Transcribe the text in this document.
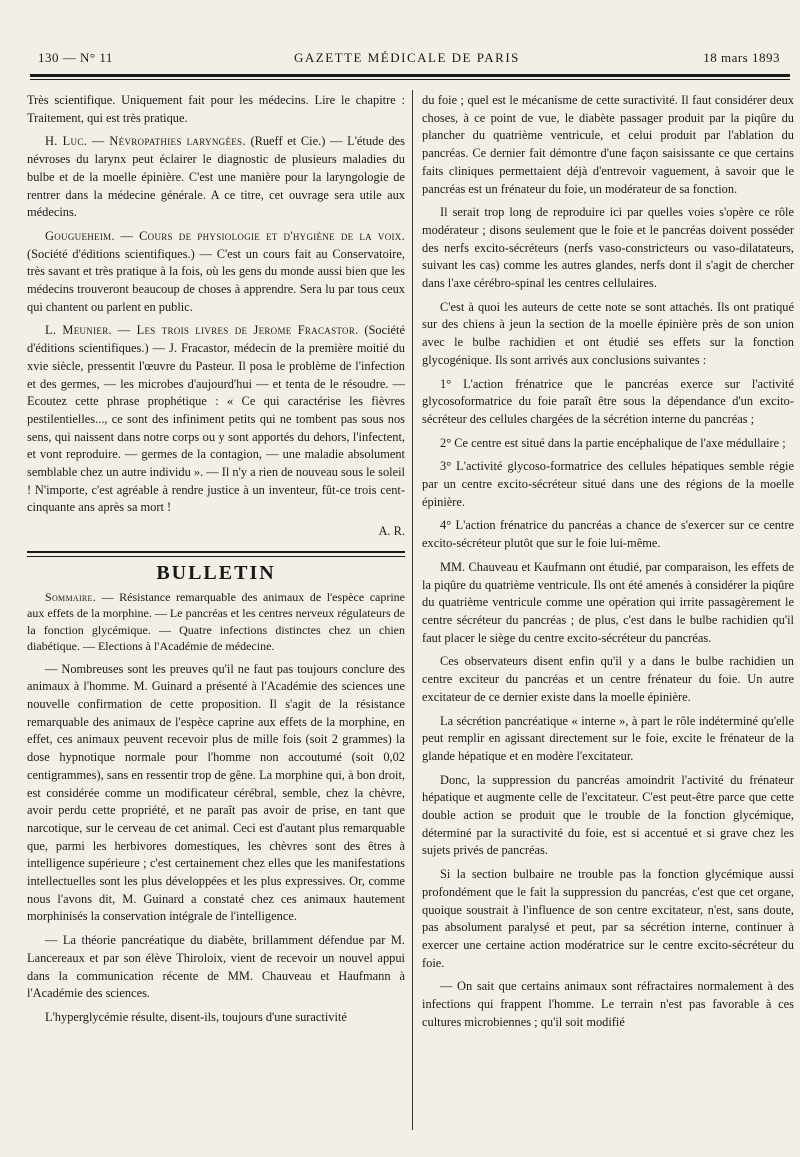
130 — N° 11	GAZETTE MÉDICALE DE PARIS	18 mars 1893

Très scientifique. Uniquement fait pour les médecins. Lire le chapitre : Traitement, qui est très pratique.

H. Luc. — Névropathies laryngées. (Rueff et Cie.) — L'étude des névroses du larynx peut éclairer le diagnostic de plusieurs maladies du bulbe et de la moelle épinière. C'est une manière pour la laryngologie de rentrer dans la médecine générale. A ce titre, cet ouvrage sera utile aux médecins.

Gougueheim. — Cours de physiologie et d'hygiène de la voix. (Société d'éditions scientifiques.) — C'est un cours fait au Conservatoire, très savant et très pratique à la fois, où les gens du monde aussi bien que les médecins trouveront beaucoup de choses à apprendre. Sera lu par tous ceux qui chantent ou parlent en public.

L. Meunier. — Les trois livres de Jerome Fracastor. (Société d'éditions scientifiques.) — J. Fracastor, médecin de la première moitié du xvie siècle, pressentit l'œuvre du Pasteur. Il posa le problème de l'infection et des germes, — les microbes d'aujourd'hui — et tenta de le résoudre. — Ecoutez cette phrase prophétique : « Ce qui caractérise les fièvres pestilentielles..., ce sont des infiniment petits qui ne tombent pas sous nos sens, qui naissent dans notre corps ou y sont apportés du dehors, l'infectent, et vont reproduire. — germes de la contagion, — une maladie absolument semblable chez un autre individu ». — Il n'y a rien de nouveau sous le soleil ! N'importe, c'est agréable à rendre justice à un inventeur, fût-ce trois cent-cinquante ans après sa mort !

A. R.

BULLETIN

Sommaire. — Résistance remarquable des animaux de l'espèce caprine aux effets de la morphine. — Le pancréas et les centres nerveux régulateurs de la fonction glycémique. — Quatre infections distinctes chez un chien diabétique. — Elections à l'Académie de médecine.

— Nombreuses sont les preuves qu'il ne faut pas toujours conclure des animaux à l'homme. M. Guinard a présenté à l'Académie des sciences une nouvelle confirmation de cette proposition. Il s'agit de la résistance remarquable des animaux de l'espèce caprine aux effets de la morphine, en effet, ces animaux peuvent recevoir plus de mille fois (soit 2 grammes) la dose hypnotique normale pour l'homme non accoutumé (soit 0,02 centigrammes), sans en ressentir trop de gêne. La morphine qui, à bon droit, est considérée comme un modificateur cérébral, semble, chez la chèvre, avoir perdu cette propriété, et ne paraît pas avoir de prise, en tant que narcotique, sur le cerveau de cet animal. Ceci est d'autant plus remarquable que, parmi les herbivores domestiques, les chèvres sont des êtres à intelligence supérieure ; c'est certainement chez elles que les manifestations intellectuelles sont les plus développées et les plus expressives. Or, comme nous l'avons dit, M. Guinard a constaté chez ces animaux hautement morphinisés la conservation intégrale de l'intelligence.

— La théorie pancréatique du diabète, brillamment défendue par M. Lancereaux et par son élève Thiroloix, vient de recevoir un nouvel appui dans la communication récente de MM. Chauveau et Haufmann à l'Académie des sciences.

L'hyperglycémie résulte, disent-ils, toujours d'une suractivité

du foie ; quel est le mécanisme de cette suractivité. Il faut considérer deux choses, à ce point de vue, le diabète passager produit par la piqûre du plancher du quatrième ventricule, et celui produit par l'ablation du pancréas. Ce dernier fait démontre d'une façon saisissante ce que certains faits cliniques permettaient déjà d'entrevoir vaguement, à savoir que le pancréas est un frénateur du foie, un modérateur de sa fonction.

Il serait trop long de reproduire ici par quelles voies s'opère ce rôle modérateur ; disons seulement que le foie et le pancréas doivent posséder des nerfs excito-sécréteurs (nerfs vaso-constricteurs ou vaso-dilatateurs, suivant les cas) comme les autres glandes, nerfs dont il s'agit de chercher dans l'axe cérébro-spinal les centres cellulaires.

C'est à quoi les auteurs de cette note se sont attachés. Ils ont pratiqué sur des chiens à jeun la section de la moelle épinière près de son union avec le bulbe rachidien et ont étudié ses effets sur la fonction glycogénique. Ils sont arrivés aux conclusions suivantes :

1° L'action frénatrice que le pancréas exerce sur l'activité glycosoformatrice du foie paraît être sous la dépendance d'un excito-sécréteur des cellules chargées de la sécrétion interne du pancréas ;

2° Ce centre est situé dans la partie encéphalique de l'axe médullaire ;

3° L'activité glycoso-formatrice des cellules hépatiques semble régie par un centre excito-sécréteur situé dans une des régions de la moelle épinière.

4° L'action frénatrice du pancréas a chance de s'exercer sur ce centre excito-sécréteur plutôt que sur le foie lui-même.

MM. Chauveau et Kaufmann ont étudié, par comparaison, les effets de la piqûre du quatrième ventricule. Ils ont été amenés à considérer la piqûre du quatrième ventricule comme une opération qui irrite passagèrement le centre sécréteur du pancréas ; de plus, c'est dans le bulbe rachidien qu'il faut placer le siège du centre excito-sécréteur du pancréas.

Ces observateurs disent enfin qu'il y a dans le bulbe rachidien un centre exciteur du pancréas et un centre frénateur du foie. Un autre excitateur de ce dernier existe dans la moelle épinière.

La sécrétion pancréatique « interne », à part le rôle indéterminé qu'elle peut remplir en agissant directement sur le foie, excite le frénateur de la glande hépatique et en modère l'excitateur.

Donc, la suppression du pancréas amoindrit l'activité du frénateur hépatique et augmente celle de l'excitateur. C'est peut-être parce que cette double action se produit que le trouble de la fonction glycémique, déterminé par la suractivité du foie, est si accentué et si grave chez les sujets privés de pancréas.

Si la section bulbaire ne trouble pas la fonction glycémique aussi profondément que le fait la suppression du pancréas, c'est que cet organe, quoique soustrait à l'influence de son centre excitateur, n'est, sans doute, pas absolument paralysé et peut, par sa sécrétion interne, continuer à exercer une certaine action modératrice sur le centre excito-sécréteur du foie.

— On sait que certains animaux sont réfractaires normalement à des infections qui frappent l'homme. Le terrain n'est pas favorable à ces cultures microbiennes ; qu'il soit modifié
